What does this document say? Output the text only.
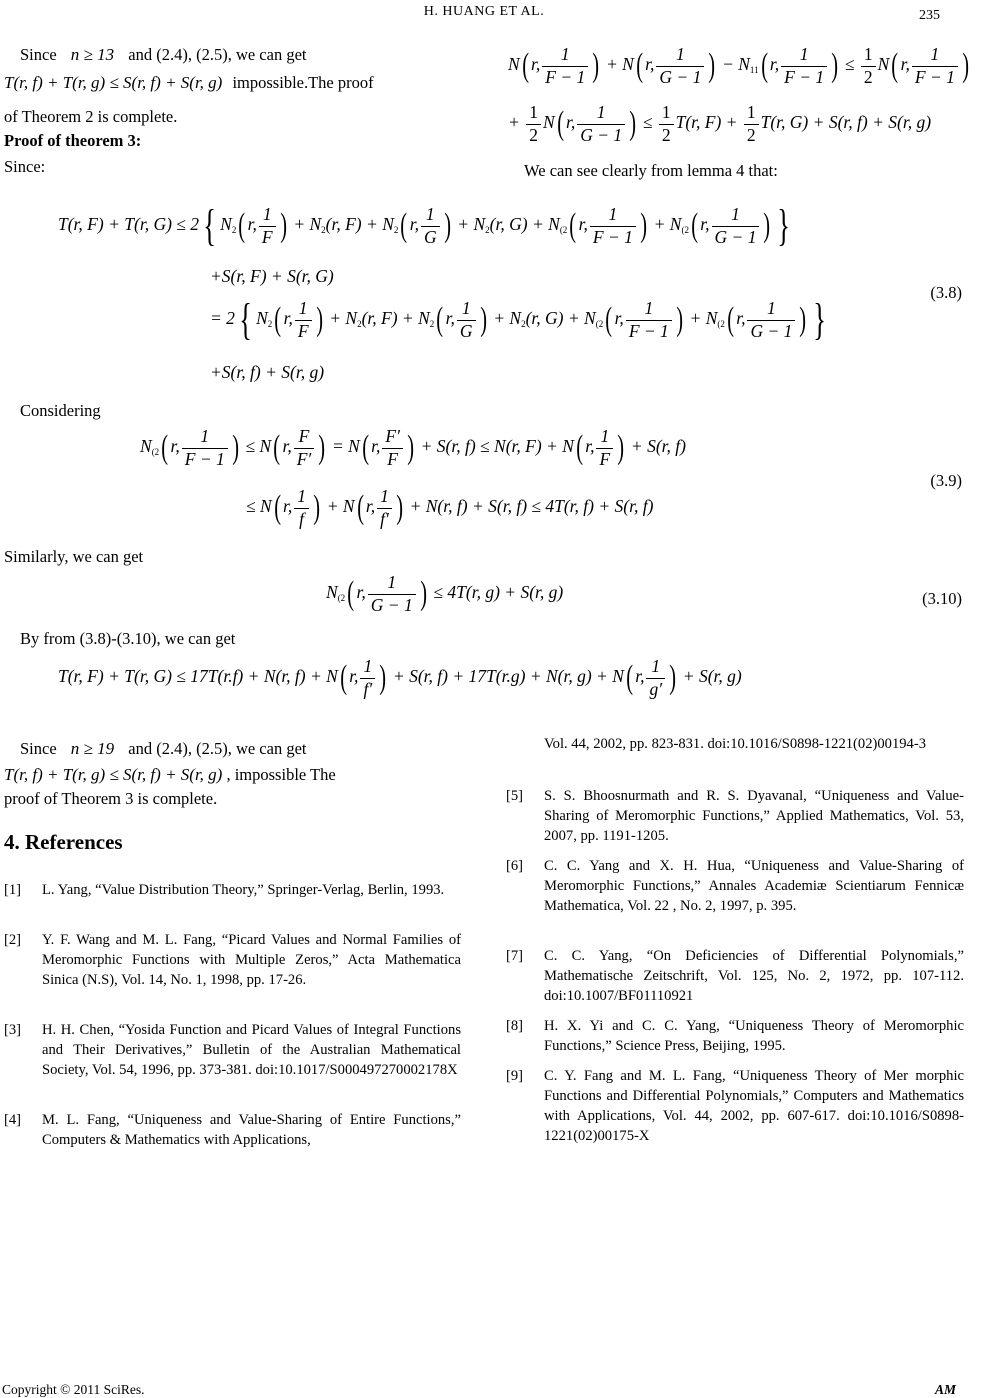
H. HUANG ET AL.	235
Since n ≥ 13 and (2.4), (2.5), we can get
T(r, f) + T(r, g) ≤ S(r, f) + S(r, g) impossible.The proof
of Theorem 2 is complete.
Proof of theorem 3:
Since:
N( r, $\frac{1}{F - 1}$ ) + N( r, $\frac{1}{G - 1}$ ) − $N_{11}$( r, $\frac{1}{F - 1}$ ) ≤ $\frac{1}{2} N$( r, $\frac{1}{F - 1}$ )
+ $\frac{1}{2} N$( r, $\frac{1}{G - 1}$ ) ≤ $\frac{1}{2} T(r$, $F) + \frac{1}{2} T(r$, G) + S(r, f) + S(r, g)
We can see clearly from lemma 4 that:
T(r, F) + T(r, G) ≤ 2{ $N_2$( r, $\frac{1}{F}$ ) + $N_2(r$, $F) + N_2$( r, $\frac{1}{G}$ ) + $N_2(r$, $G) + N_{(2}$( r, $\frac{1}{F - 1}$ ) + $N_{(2}$( r, $\frac{1}{G - 1}$ ) }
+S(r, F) + S(r, G)
= 2{ $N_2$( r, $\frac{1}{F}$ ) + $N_2(r$, $F) + N_2$( r, $\frac{1}{G}$ ) + $N_2(r$, $G) + N_{(2}$( r, $\frac{1}{F - 1}$ ) + $N_{(2}$( r, $\frac{1}{G - 1}$ ) }
+S(r, f) + S(r, g)
(3.8)
Considering
$N_{(2}$( r, $\frac{1}{F - 1}$ ) ≤ N( r, $\frac{F}{F'}$ ) = N( r, $\frac{F'}{F}$ ) + S(r, f) ≤ N(r, F) + N( r, $\frac{1}{F}$ ) + S(r, f)
≤ N( r, $\frac{1}{f}$ ) + N( r, $\frac{1}{f'}$ ) + N(r, f) + S(r, f) ≤ 4T(r, f) + S(r, f)
(3.9)
Similarly, we can get
$N_{(2}$( r, $\frac{1}{G - 1}$ ) ≤ 4T(r, g) + S(r, g)	(3.10)
By from (3.8)-(3.10), we can get
T(r, F) + T(r, G) ≤ 17T(r.f) + N(r, f) + N( r, $\frac{1}{f'}$ ) + S(r, f) + 17T(r.g) + N(r, g) + N( r, $\frac{1}{g'}$ ) + S(r, g)
Since n ≥ 19 and (2.4), (2.5), we can get
T(r, f) + T(r, g) ≤ S(r, f) + S(r, g) , impossible The
proof of Theorem 3 is complete.
4. References
[1] L. Yang, “Value Distribution Theory,” Springer-Verlag, Berlin, 1993.
[2] Y. F. Wang and M. L. Fang, “Picard Values and Normal Families of Meromorphic Functions with Multiple Zeros,” Acta Mathematica Sinica (N.S), Vol. 14, No. 1, 1998, pp. 17-26.
[3] H. H. Chen, “Yosida Function and Picard Values of Integral Functions and Their Derivatives,” Bulletin of the Australian Mathematical Society, Vol. 54, 1996, pp. 373-381. doi:10.1017/S000497270002178X
[4] M. L. Fang, “Uniqueness and Value-Sharing of Entire Functions,” Computers & Mathematics with Applications,
Vol. 44, 2002, pp. 823-831. doi:10.1016/S0898-1221(02)00194-3
[5] S. S. Bhoosnurmath and R. S. Dyavanal, “Uniqueness and Value-Sharing of Meromorphic Functions,” Applied Mathematics, Vol. 53, 2007, pp. 1191-1205.
[6] C. C. Yang and X. H. Hua, “Uniqueness and Value-Sharing of Meromorphic Functions,” Annales Academiæ Scientiarum Fennicæ Mathematica, Vol. 22 , No. 2, 1997, p. 395.
[7] C. C. Yang, “On Deficiencies of Differential Polynomials,” Mathematische Zeitschrift, Vol. 125, No. 2, 1972, pp. 107-112. doi:10.1007/BF01110921
[8] H. X. Yi and C. C. Yang, “Uniqueness Theory of Meromorphic Functions,” Science Press, Beijing, 1995.
[9] C. Y. Fang and M. L. Fang, “Uniqueness Theory of Mer morphic Functions and Differential Polynomials,” Computers and Mathematics with Applications, Vol. 44, 2002, pp. 607-617. doi:10.1016/S0898-1221(02)00175-X
Copyright © 2011 SciRes.	AM
